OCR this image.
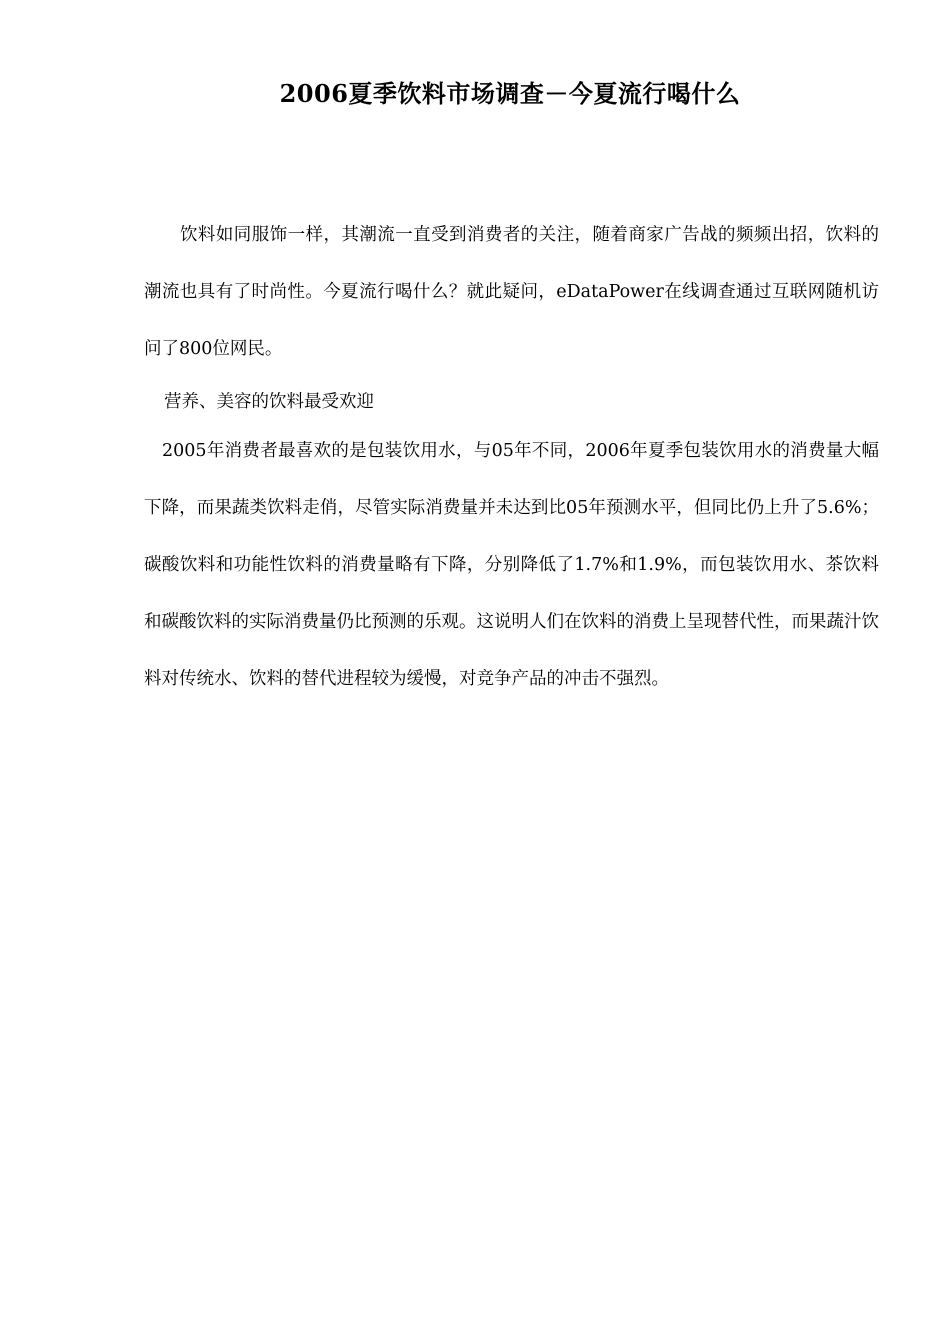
2006夏季饮料市场调查－今夏流行喝什么

饮料如同服饰一样，其潮流一直受到消费者的关注，随着商家广告战的频频出招，饮料的潮流也具有了时尚性。今夏流行喝什么？就此疑问，eDataPower在线调查通过互联网随机访问了800位网民。

营养、美容的饮料最受欢迎

2005年消费者最喜欢的是包装饮用水，与05年不同，2006年夏季包装饮用水的消费量大幅下降，而果蔬类饮料走俏，尽管实际消费量并未达到比05年预测水平，但同比仍上升了5.6%；碳酸饮料和功能性饮料的消费量略有下降，分别降低了1.7%和1.9%，而包装饮用水、茶饮料和碳酸饮料的实际消费量仍比预测的乐观。这说明人们在饮料的消费上呈现替代性，而果蔬汁饮料对传统水、饮料的替代进程较为缓慢，对竞争产品的冲击不强烈。
